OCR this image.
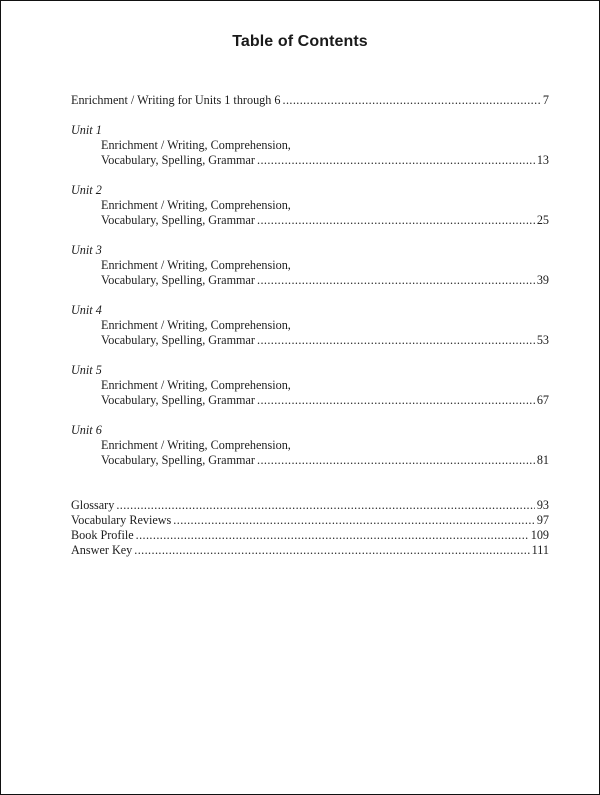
Table of Contents
Enrichment / Writing for Units 1 through 6 .....	7
Unit 1
Enrichment / Writing, Comprehension,
Vocabulary, Spelling, Grammar .....	13
Unit 2
Enrichment / Writing, Comprehension,
Vocabulary, Spelling, Grammar .....	25
Unit 3
Enrichment / Writing, Comprehension,
Vocabulary, Spelling, Grammar .....	39
Unit 4
Enrichment / Writing, Comprehension,
Vocabulary, Spelling, Grammar .....	53
Unit 5
Enrichment / Writing, Comprehension,
Vocabulary, Spelling, Grammar .....	67
Unit 6
Enrichment / Writing, Comprehension,
Vocabulary, Spelling, Grammar .....	81
Glossary .....	93
Vocabulary Reviews .....	97
Book Profile .....	109
Answer Key .....	111
